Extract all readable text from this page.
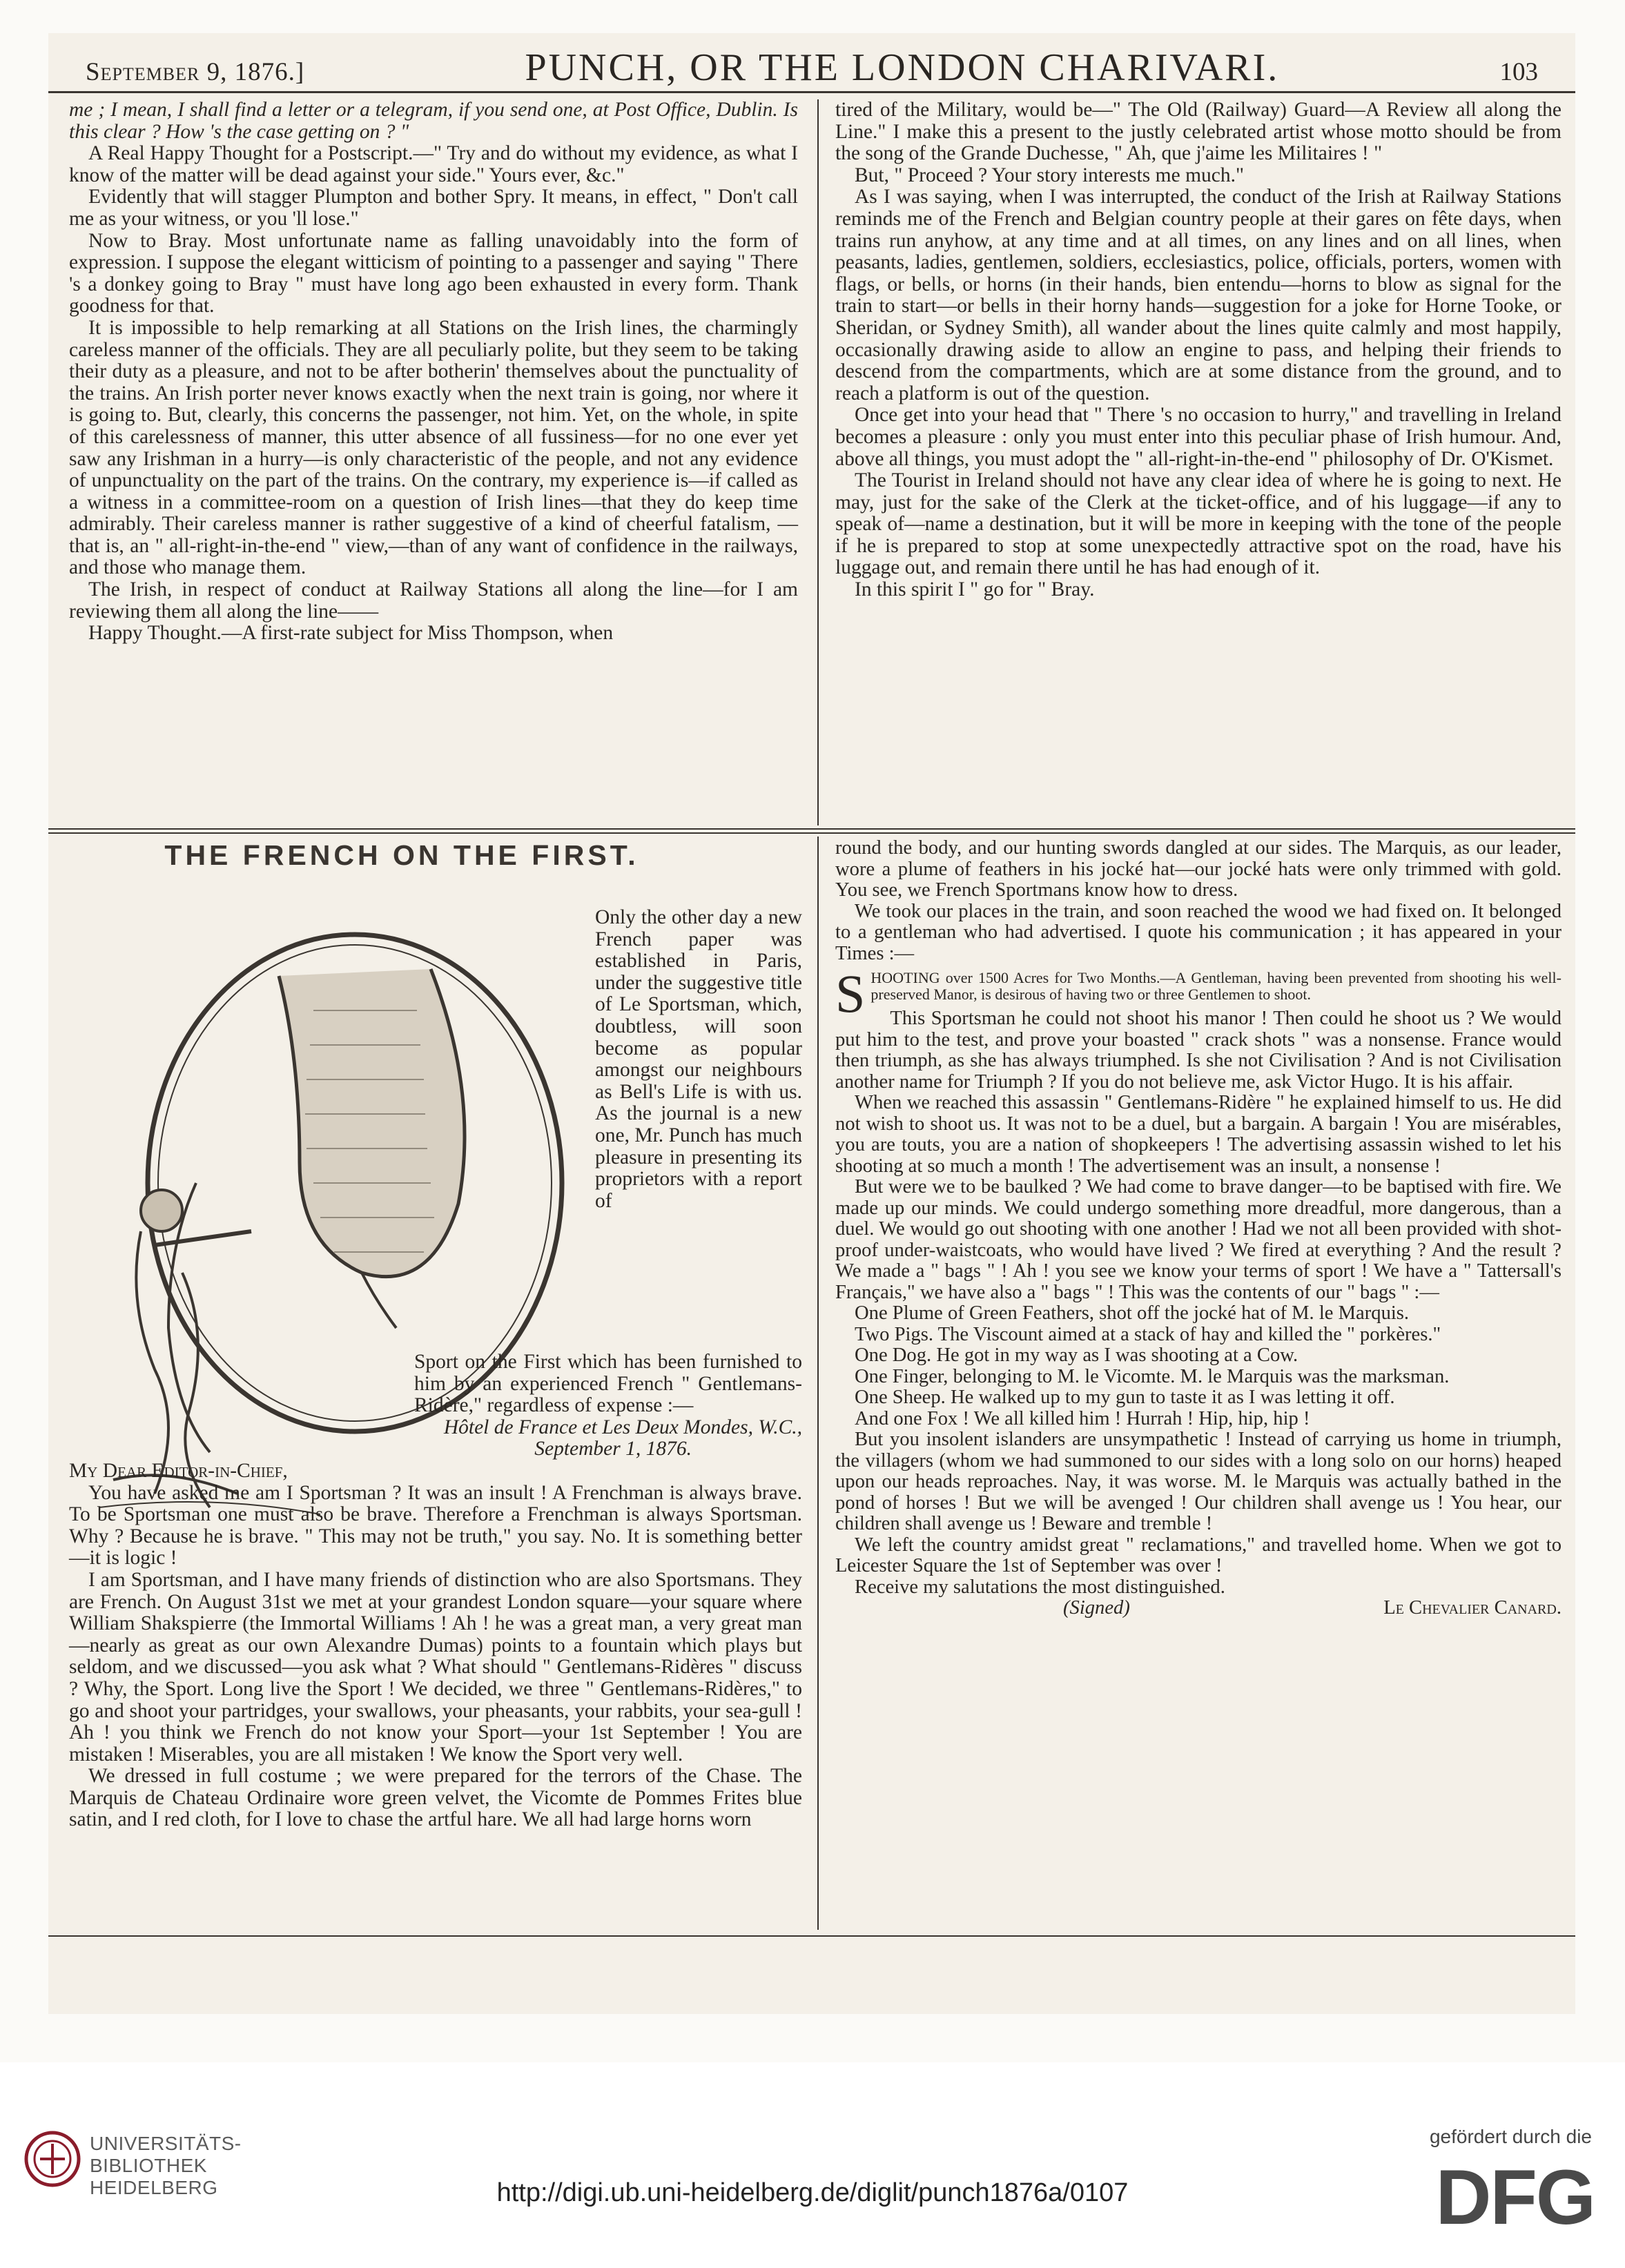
September 9, 1876.]	PUNCH, OR THE LONDON CHARIVARI.	103

me ; I mean, I shall find a letter or a telegram, if you send one, at Post Office, Dublin. Is this clear ? How 's the case getting on ? "

A Real Happy Thought for a Postscript.—" Try and do without my evidence, as what I know of the matter will be dead against your side." Yours ever, &c."

Evidently that will stagger Plumpton and bother Spry. It means, in effect, " Don't call me as your witness, or you 'll lose."

Now to Bray. Most unfortunate name as falling unavoidably into the form of expression. I suppose the elegant witticism of pointing to a passenger and saying " There 's a donkey going to Bray " must have long ago been exhausted in every form. Thank goodness for that.

It is impossible to help remarking at all Stations on the Irish lines, the charmingly careless manner of the officials. They are all peculiarly polite, but they seem to be taking their duty as a pleasure, and not to be after botherin' themselves about the punctuality of the trains. An Irish porter never knows exactly when the next train is going, nor where it is going to. But, clearly, this concerns the passenger, not him. Yet, on the whole, in spite of this carelessness of manner, this utter absence of all fussiness—for no one ever yet saw any Irishman in a hurry—is only characteristic of the people, and not any evidence of unpunctuality on the part of the trains. On the contrary, my experience is—if called as a witness in a committee-room on a question of Irish lines—that they do keep time admirably. Their careless manner is rather suggestive of a kind of cheerful fatalism, —that is, an " all-right-in-the-end " view,—than of any want of confidence in the railways, and those who manage them.

The Irish, in respect of conduct at Railway Stations all along the line—for I am reviewing them all along the line——

Happy Thought.—A first-rate subject for Miss Thompson, when

tired of the Military, would be—" The Old (Railway) Guard—A Review all along the Line." I make this a present to the justly celebrated artist whose motto should be from the song of the Grande Duchesse, " Ah, que j'aime les Militaires ! "

But, " Proceed ? Your story interests me much."

As I was saying, when I was interrupted, the conduct of the Irish at Railway Stations reminds me of the French and Belgian country people at their gares on fête days, when trains run anyhow, at any time and at all times, on any lines and on all lines, when peasants, ladies, gentlemen, soldiers, ecclesiastics, police, officials, porters, women with flags, or bells, or horns (in their hands, bien entendu—horns to blow as signal for the train to start—or bells in their horny hands—suggestion for a joke for Horne Tooke, or Sheridan, or Sydney Smith), all wander about the lines quite calmly and most happily, occasionally drawing aside to allow an engine to pass, and helping their friends to descend from the compartments, which are at some distance from the ground, and to reach a platform is out of the question.

Once get into your head that " There 's no occasion to hurry," and travelling in Ireland becomes a pleasure : only you must enter into this peculiar phase of Irish humour. And, above all things, you must adopt the " all-right-in-the-end " philosophy of Dr. O'Kismet.

The Tourist in Ireland should not have any clear idea of where he is going to next. He may, just for the sake of the Clerk at the ticket-office, and of his luggage—if any to speak of—name a destination, but it will be more in keeping with the tone of the people if he is prepared to stop at some unexpectedly attractive spot on the road, have his luggage out, and remain there until he has had enough of it.

In this spirit I " go for " Bray.

THE FRENCH ON THE FIRST.
Only the other day a new French paper was established in Paris, under the suggestive title of Le Sportsman, which, doubtless, will soon become as popular amongst our neighbours as Bell's Life is with us. As the journal is a new one, Mr. Punch has much pleasure in presenting its proprietors with a report of

Sport on the First which has been furnished to him by an experienced French " Gentlemans-Ridère," regardless of expense :—

Hôtel de France et Les Deux Mondes, W.C.,

September 1, 1876.

My Dear Editor-in-Chief,

You have asked me am I Sportsman ? It was an insult ! A Frenchman is always brave. To be Sportsman one must also be brave. Therefore a Frenchman is always Sportsman. Why ? Because he is brave. " This may not be truth," you say. No. It is something better—it is logic !

I am Sportsman, and I have many friends of distinction who are also Sportsmans. They are French. On August 31st we met at your grandest London square—your square where William Shakspierre (the Immortal Williams ! Ah ! he was a great man, a very great man—nearly as great as our own Alexandre Dumas) points to a fountain which plays but seldom, and we discussed—you ask what ? What should " Gentlemans-Ridères " discuss ? Why, the Sport. Long live the Sport ! We decided, we three " Gentlemans-Ridères," to go and shoot your partridges, your swallows, your pheasants, your rabbits, your sea-gull ! Ah ! you think we French do not know your Sport—your 1st September ! You are mistaken ! Miserables, you are all mistaken ! We know the Sport very well.

We dressed in full costume ; we were prepared for the terrors of the Chase. The Marquis de Chateau Ordinaire wore green velvet, the Vicomte de Pommes Frites blue satin, and I red cloth, for I love to chase the artful hare. We all had large horns worn

round the body, and our hunting swords dangled at our sides. The Marquis, as our leader, wore a plume of feathers in his jocké hat—our jocké hats were only trimmed with gold. You see, we French Sportmans know how to dress.

We took our places in the train, and soon reached the wood we had fixed on. It belonged to a gentleman who had advertised. I quote his communication ; it has appeared in your Times :—

S HOOTING over 1500 Acres for Two Months.—A Gentleman, having been prevented from shooting his well-preserved Manor, is desirous of having two or three Gentlemen to shoot.

This Sportsman he could not shoot his manor ! Then could he shoot us ? We would put him to the test, and prove your boasted " crack shots " was a nonsense. France would then triumph, as she has always triumphed. Is she not Civilisation ? And is not Civilisation another name for Triumph ? If you do not believe me, ask Victor Hugo. It is his affair.

When we reached this assassin " Gentlemans-Ridère " he explained himself to us. He did not wish to shoot us. It was not to be a duel, but a bargain. A bargain ! You are misérables, you are touts, you are a nation of shopkeepers ! The advertising assassin wished to let his shooting at so much a month ! The advertisement was an insult, a nonsense !

But were we to be baulked ? We had come to brave danger—to be baptised with fire. We made up our minds. We could undergo something more dreadful, more dangerous, than a duel. We would go out shooting with one another ! Had we not all been provided with shot-proof under-waistcoats, who would have lived ? We fired at everything ? And the result ? We made a " bags " ! Ah ! you see we know your terms of sport ! We have a " Tattersall's Français," we have also a " bags " ! This was the contents of our " bags " :—

One Plume of Green Feathers, shot off the jocké hat of M. le Marquis.

Two Pigs. The Viscount aimed at a stack of hay and killed the " porkères."

One Dog. He got in my way as I was shooting at a Cow.

One Finger, belonging to M. le Vicomte. M. le Marquis was the marksman.

One Sheep. He walked up to my gun to taste it as I was letting it off.

And one Fox ! We all killed him ! Hurrah ! Hip, hip, hip !

But you insolent islanders are unsympathetic ! Instead of carrying us home in triumph, the villagers (whom we had summoned to our sides with a long solo on our horns) heaped upon our heads reproaches. Nay, it was worse. M. le Marquis was actually bathed in the pond of horses ! But we will be avenged ! Our children shall avenge us ! You hear, our children shall avenge us ! Beware and tremble !

We left the country amidst great " reclamations," and travelled home. When we got to Leicester Square the 1st of September was over !

Receive my salutations the most distinguished.

(Signed)	Le Chevalier Canard.

UNIVERSITÄTS-
BIBLIOTHEK
HEIDELBERG	http://digi.ub.uni-heidelberg.de/diglit/punch1876a/0107
gefördert durch die
DFG
